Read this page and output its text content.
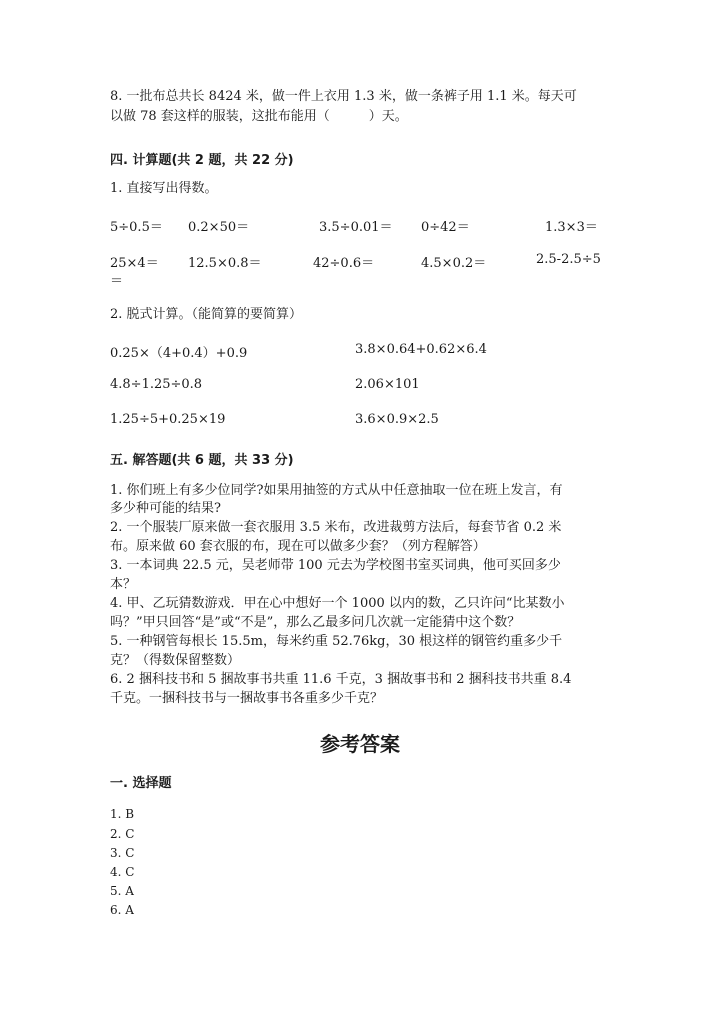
8. 一批布总共长 8424 米，做一件上衣用 1.3 米，做一条裤子用 1.1 米。每天可
以做 78 套这样的服装，这批布能用（　　　）天。
四. 计算题(共 2 题，共 22 分)
1. 直接写出得数。
5÷0.5＝ 0.2×50＝	3.5÷0.01＝ 0÷42＝	1.3×3＝
25×4＝ 12.5×0.8＝	42÷0.6＝	4.5×0.2＝	2.5-2.5÷5
＝
2. 脱式计算。（能简算的要简算）
0.25×（4+0.4）+0.9	3.8×0.64+0.62×6.4
4.8÷1.25÷0.8	2.06×101
1.25÷5+0.25×19	3.6×0.9×2.5
五. 解答题(共 6 题，共 33 分)
1. 你们班上有多少位同学?如果用抽签的方式从中任意抽取一位在班上发言，有
多少种可能的结果?
2. 一个服装厂原来做一套衣服用 3.5 米布，改进裁剪方法后，每套节省 0.2 米
布。原来做 60 套衣服的布，现在可以做多少套？（列方程解答）
3. 一本词典 22.5 元，吴老师带 100 元去为学校图书室买词典，他可买回多少
本？
4. 甲、乙玩猜数游戏．甲在心中想好一个 1000 以内的数，乙只许问“比某数小
吗？”甲只回答“是”或“不是”，那么乙最多问几次就一定能猜中这个数？
5. 一种钢管每根长 15.5m，每米约重 52.76kg，30 根这样的钢管约重多少千
克？（得数保留整数）
6. 2 捆科技书和 5 捆故事书共重 11.6 千克，3 捆故事书和 2 捆科技书共重 8.4
千克。一捆科技书与一捆故事书各重多少千克？
参考答案
一. 选择题
1. B
2. C
3. C
4. C
5. A
6. A
